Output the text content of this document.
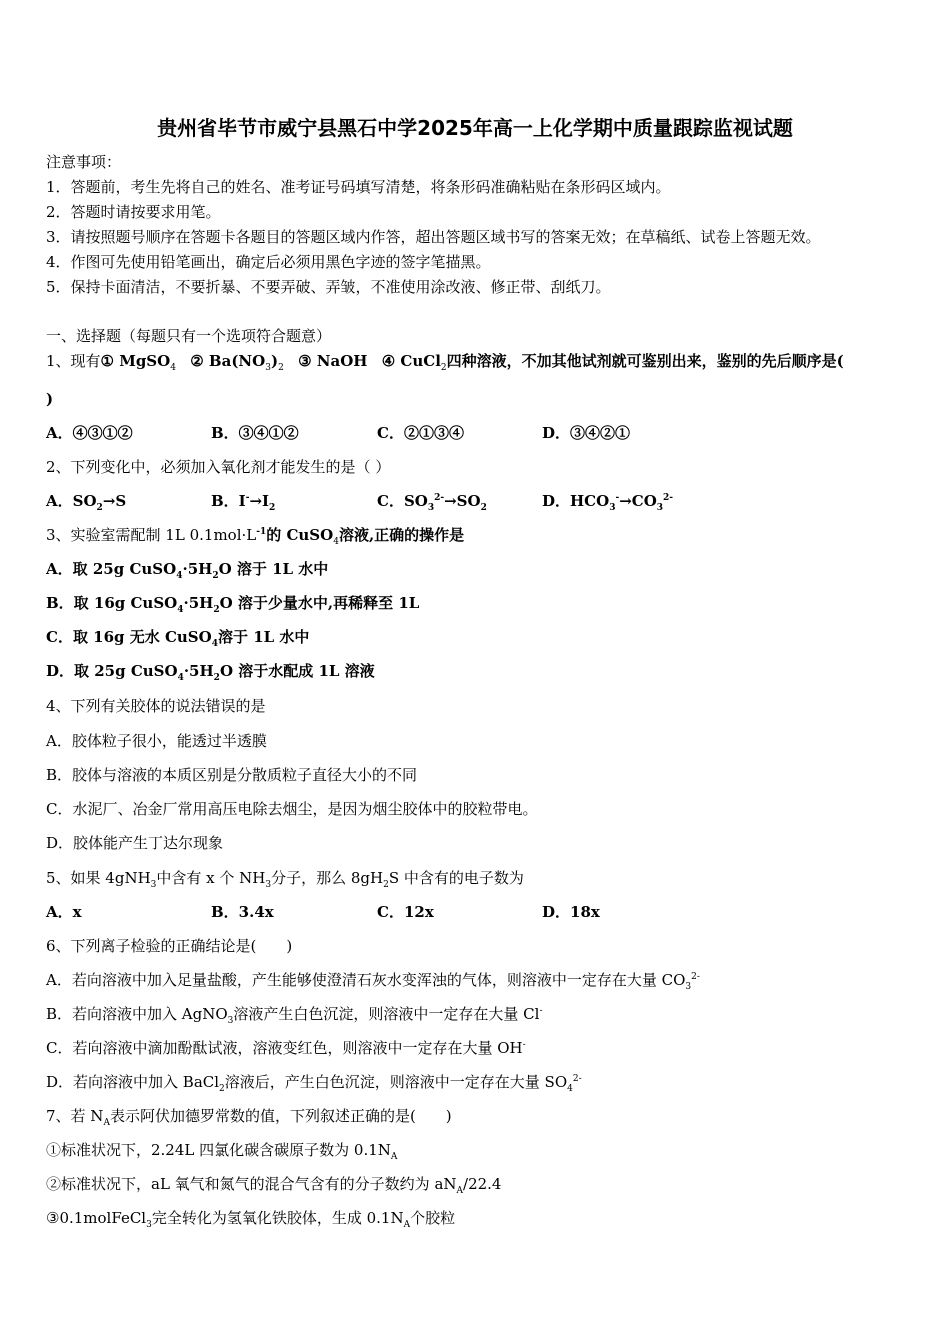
贵州省毕节市威宁县黑石中学2025年高一上化学期中质量跟踪监视试题
注意事项：
1．答题前，考生先将自己的姓名、准考证号码填写清楚，将条形码准确粘贴在条形码区域内。
2．答题时请按要求用笔。
3．请按照题号顺序在答题卡各题目的答题区域内作答，超出答题区域书写的答案无效；在草稿纸、试卷上答题无效。
4．作图可先使用铅笔画出，确定后必须用黑色字迹的签字笔描黑。
5．保持卡面清洁，不要折暴、不要弄破、弄皱，不准使用涂改液、修正带、刮纸刀。
一、选择题（每题只有一个选项符合题意）
1、现有① MgSO$_4$ ② $Ba(NO_3)_2$ ③ NaOH ④ CuCl$_2$四种溶液，不加其他试剂就可鉴别出来，鉴别的先后顺序是(
)
A．④③①②	B．③④①②	C．②①③④	D．③④②①
2、下列变化中，必须加入氧化剂才能发生的是（ ）
A．$SO_2\to S$	B．$I^-\to I_2$	C．$SO_3^{2-}\to SO_2$	D．$HCO_3^-\to CO_3^{2-}$
3、实验室需配制 1L $0.1mol\cdot L^{-1}$的 CuSO$_4$溶液,正确的操作是
A．取 25g $CuSO_4\cdot 5H_2O$ 溶于 1L 水中
B．取 16g $CuSO_4\cdot 5H_2O$ 溶于少量水中,再稀释至 1L
C．取 16g 无水 CuSO$_4$溶于 1L 水中
D．取 25g $CuSO_4\cdot 5H_2O$ 溶于水配成 1L 溶液
4、下列有关胶体的说法错误的是
A．胶体粒子很小，能透过半透膜
B．胶体与溶液的本质区别是分散质粒子直径大小的不同
C．水泥厂、冶金厂常用高压电除去烟尘，是因为烟尘胶体中的胶粒带电。
D．胶体能产生丁达尔现象
5、如果 4gNH$_3$中含有 x 个 $NH_3$分子，那么 $8gH_2S$ 中含有的电子数为
A．x	B．3.4x	C．12x	D．18x
6、下列离子检验的正确结论是(　　)
A．若向溶液中加入足量盐酸，产生能够使澄清石灰水变浑浊的气体，则溶液中一定存在大量 $CO_3^{2-}$
B．若向溶液中加入 AgNO$_3$溶液产生白色沉淀，则溶液中一定存在大量 Cl-
C．若向溶液中滴加酚酞试液，溶液变红色，则溶液中一定存在大量 OH-
D．若向溶液中加入 BaCl$_2$溶液后，产生白色沉淀，则溶液中一定存在大量 $SO_4^{2-}$
7、若 $N_A$表示阿伏加德罗常数的值，下列叙述正确的是(　　)
①标准状况下，2.24L 四氯化碳含碳原子数为 $0.1N_A$
②标准状况下，aL 氧气和氮气的混合气含有的分子数约为 $aN_A/22.4$
③0.1molFeCl$_3$完全转化为氢氧化铁胶体，生成 $0.1N_A$个胶粒
